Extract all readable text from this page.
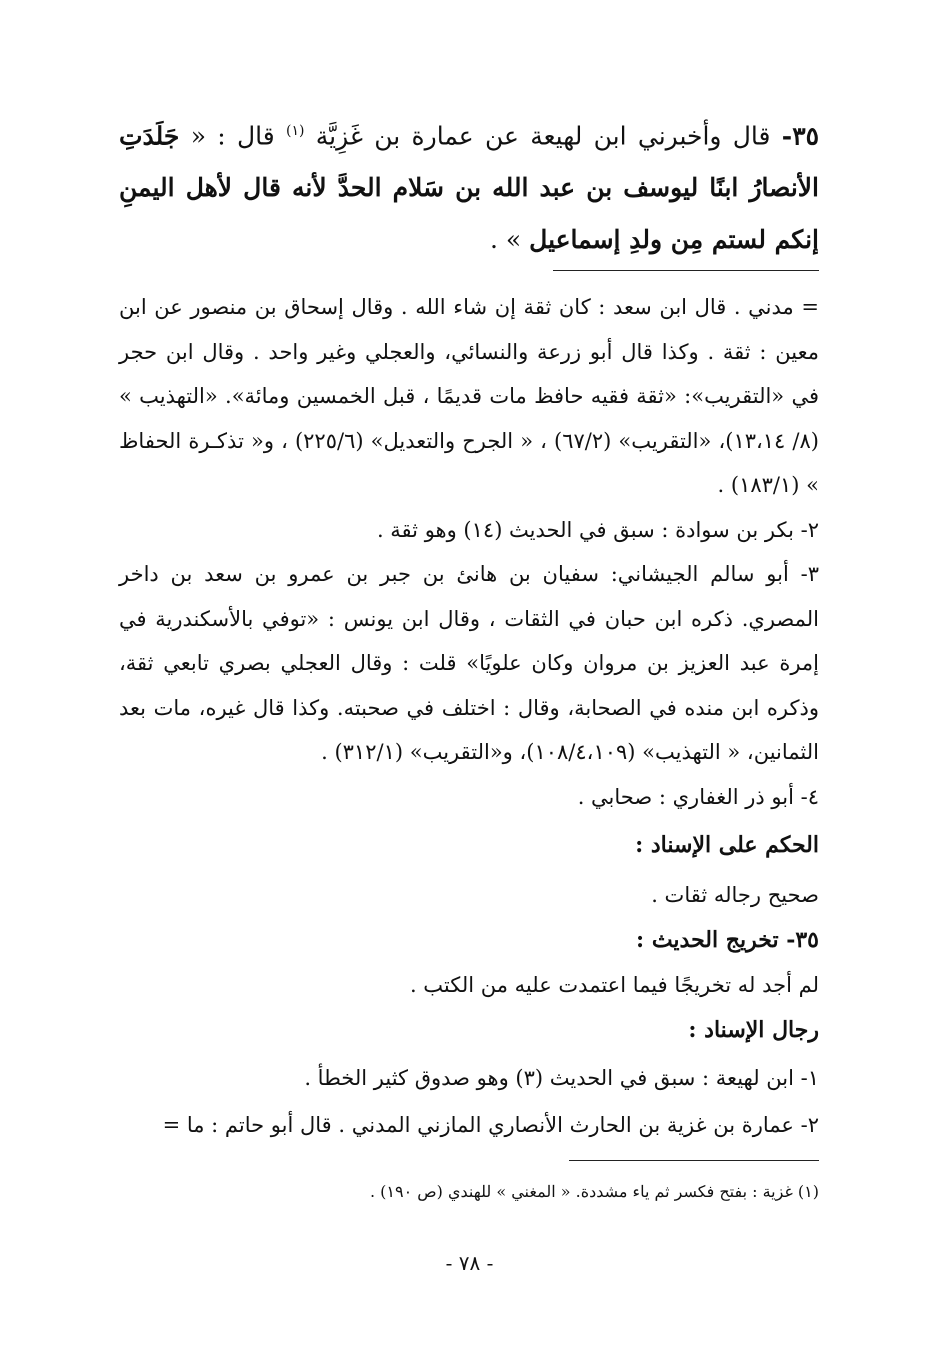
٣٥- قال وأخبرني ابن لهيعة عن عمارة بن غَزِيَّة $^{(١)}$ قال : « جَلَدَتِ الأنصارُ ابنًا ليوسف بن عبد الله بن سَلام الحدَّ لأنه قال لأهل اليمنِ إنكم لستم مِن ولدِ إسماعيل » .
= مدني . قال ابن سعد : كان ثقة إن شاء الله . وقال إسحاق بن منصور عن ابن معين : ثقة . وكذا قال أبو زرعة والنسائي، والعجلي وغير واحد . وقال ابن حجر في «التقريب»: «ثقة فقيه حافظ مات قديمًا ، قبل الخمسين ومائة». «التهذيب » (٨/ ١٣،١٤)، «التقريب» (٦٧/٢) ، « الجرح والتعديل» (٢٢٥/٦) ، و« تذكـرة الحفاظ » (١٨٣/١) .
٢- بكر بن سوادة : سبق في الحديث (١٤) وهو ثقة .
٣- أبو سالم الجيشاني: سفيان بن هانئ بن جبر بن عمرو بن سعد بن داخر المصري. ذكره ابن حبان في الثقات ، وقال ابن يونس : «توفي بالأسكندرية في إمرة عبد العزيز بن مروان وكان علويًا» قلت : وقال العجلي بصري تابعي ثقة، وذكره ابن منده في الصحابة، وقال : اختلف في صحبته. وكذا قال غيره، مات بعد الثمانين، « التهذيب» (١٠٨/٤،١٠٩)، و«التقريب» (٣١٢/١) .
٤- أبو ذر الغفاري : صحابي .
الحكم على الإسناد :
صحيح رجاله ثقات .
٣٥- تخريج الحديث :
لم أجد له تخريجًا فيما اعتمدت عليه من الكتب .
رجال الإسناد :
١- ابن لهيعة : سبق في الحديث (٣) وهو صدوق كثير الخطأ .
٢- عمارة بن غزية بن الحارث الأنصاري المازني المدني . قال أبو حاتم : ما =
(١) غزية : بفتح فكسر ثم ياء مشددة. « المغني » للهندي (ص ١٩٠) .
- ٧٨ -
